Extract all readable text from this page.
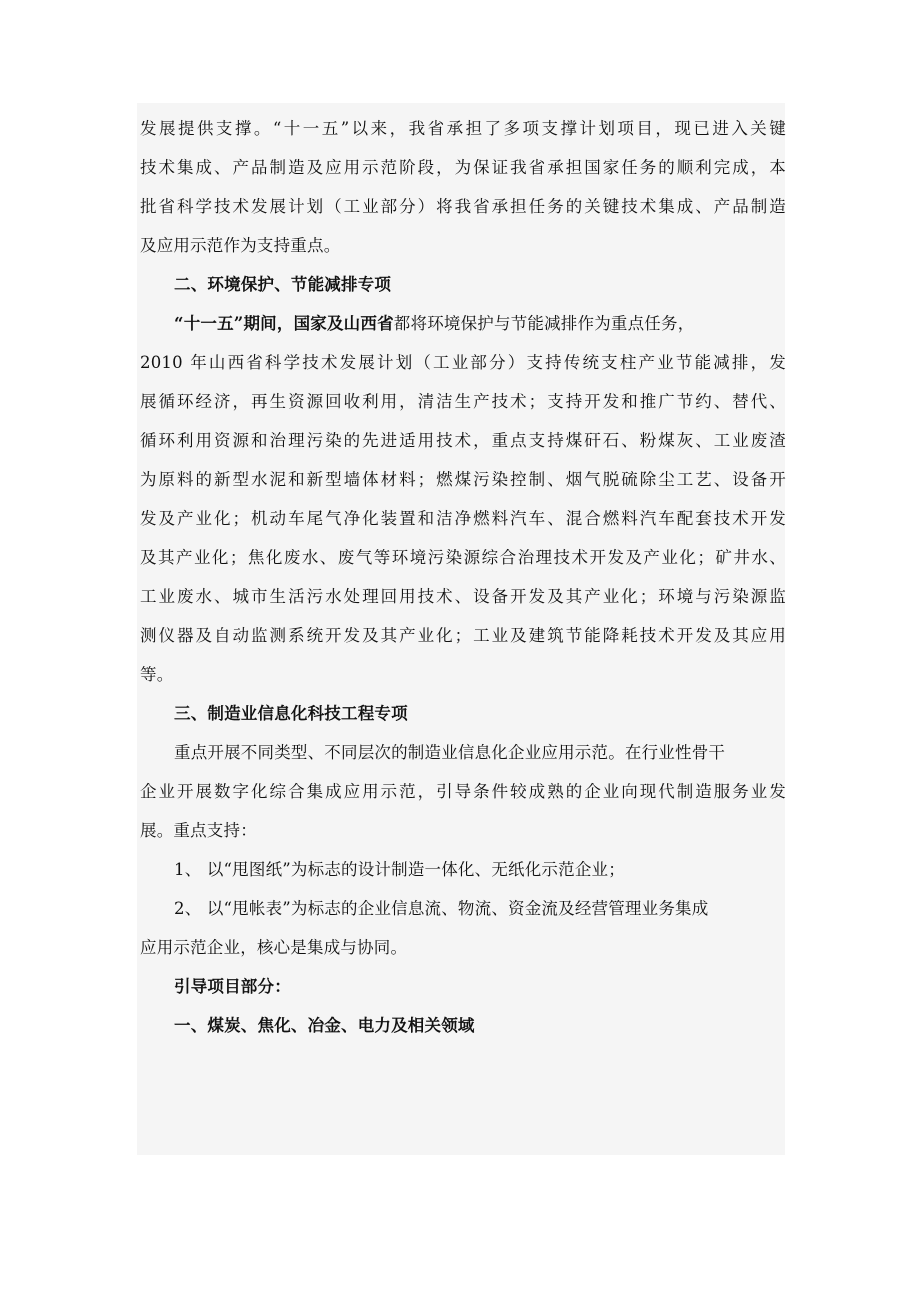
发展提供支撑。“十一五”以来，我省承担了多项支撑计划项目，现已进入关键
技术集成、产品制造及应用示范阶段，为保证我省承担国家任务的顺利完成，本
批省科学技术发展计划（工业部分）将我省承担任务的关键技术集成、产品制造
及应用示范作为支持重点。
二、环境保护、节能减排专项
“十一五”期间，国家及山西省都将环境保护与节能减排作为重点任务，
2010 年山西省科学技术发展计划（工业部分）支持传统支柱产业节能减排，发
展循环经济，再生资源回收利用，清洁生产技术；支持开发和推广节约、替代、
循环利用资源和治理污染的先进适用技术，重点支持煤矸石、粉煤灰、工业废渣
为原料的新型水泥和新型墙体材料；燃煤污染控制、烟气脱硫除尘工艺、设备开
发及产业化；机动车尾气净化装置和洁净燃料汽车、混合燃料汽车配套技术开发
及其产业化；焦化废水、废气等环境污染源综合治理技术开发及产业化；矿井水、
工业废水、城市生活污水处理回用技术、设备开发及其产业化；环境与污染源监
测仪器及自动监测系统开发及其产业化；工业及建筑节能降耗技术开发及其应用
等。
三、制造业信息化科技工程专项
重点开展不同类型、不同层次的制造业信息化企业应用示范。在行业性骨干
企业开展数字化综合集成应用示范，引导条件较成熟的企业向现代制造服务业发
展。重点支持：
1、 以“甩图纸”为标志的设计制造一体化、无纸化示范企业；
2、 以“甩帐表”为标志的企业信息流、物流、资金流及经营管理业务集成
应用示范企业，核心是集成与协同。
引导项目部分：
一、煤炭、焦化、冶金、电力及相关领域
